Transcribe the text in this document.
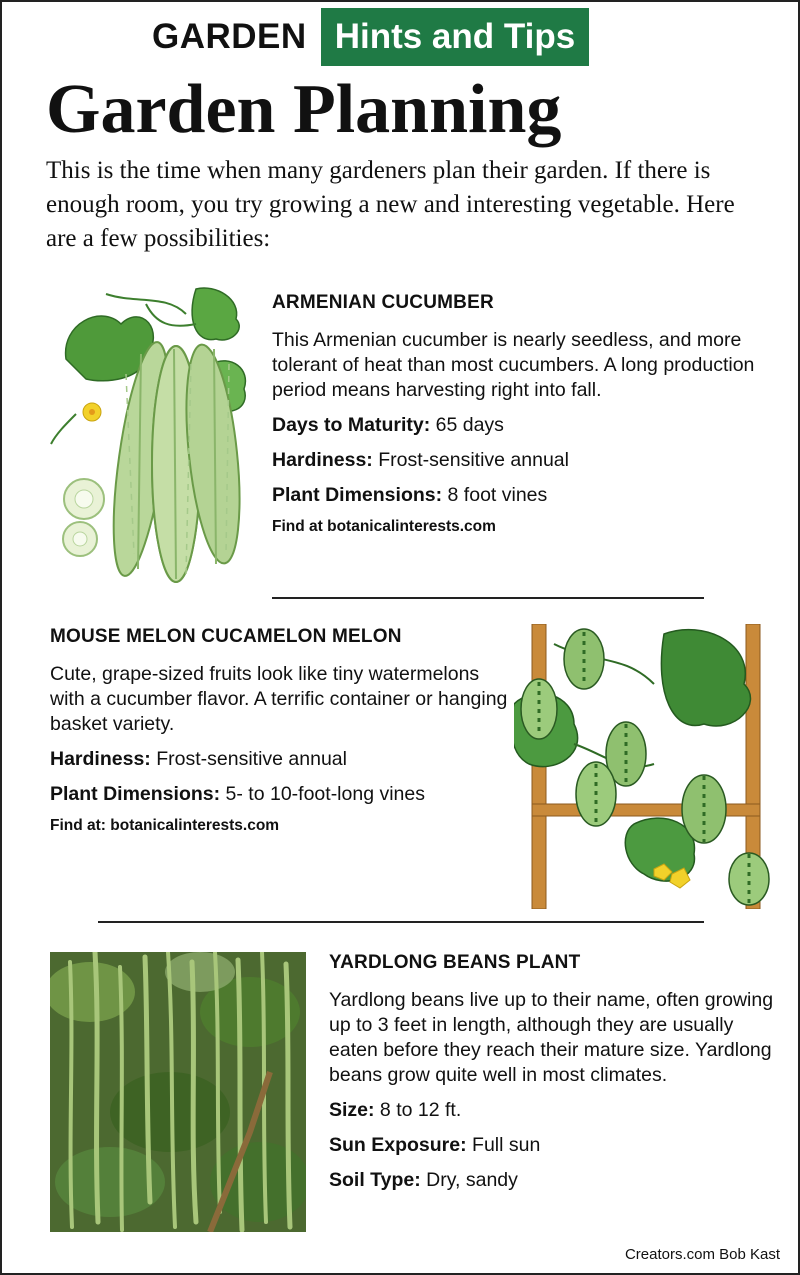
GARDEN Hints and Tips
Garden Planning

This is the time when many gardeners plan their garden. If there is enough room, you try growing a new and interesting vegetable. Here are a few possibilities:

ARMENIAN CUCUMBER

This Armenian cucumber is nearly seedless, and more tolerant of heat than most cucumbers. A long production period means harvesting right into fall.

Days to Maturity: 65 days
Hardiness: Frost-sensitive annual
Plant Dimensions: 8 foot vines
Find at botanicalinterests.com
MOUSE MELON CUCAMELON MELON

Cute, grape-sized fruits look like tiny watermelons with a cucumber flavor. A terrific container or hanging basket variety.

Hardiness: Frost-sensitive annual
Plant Dimensions: 5- to 10-foot-long vines
Find at: botanicalinterests.com
YARDLONG BEANS PLANT

Yardlong beans live up to their name, often growing up to 3 feet in length, although they are usually eaten before they reach their mature size. Yardlong beans grow quite well in most climates.

Size: 8 to 12 ft.
Sun Exposure: Full sun
Soil Type: Dry, sandy
Creators.com Bob Kast
